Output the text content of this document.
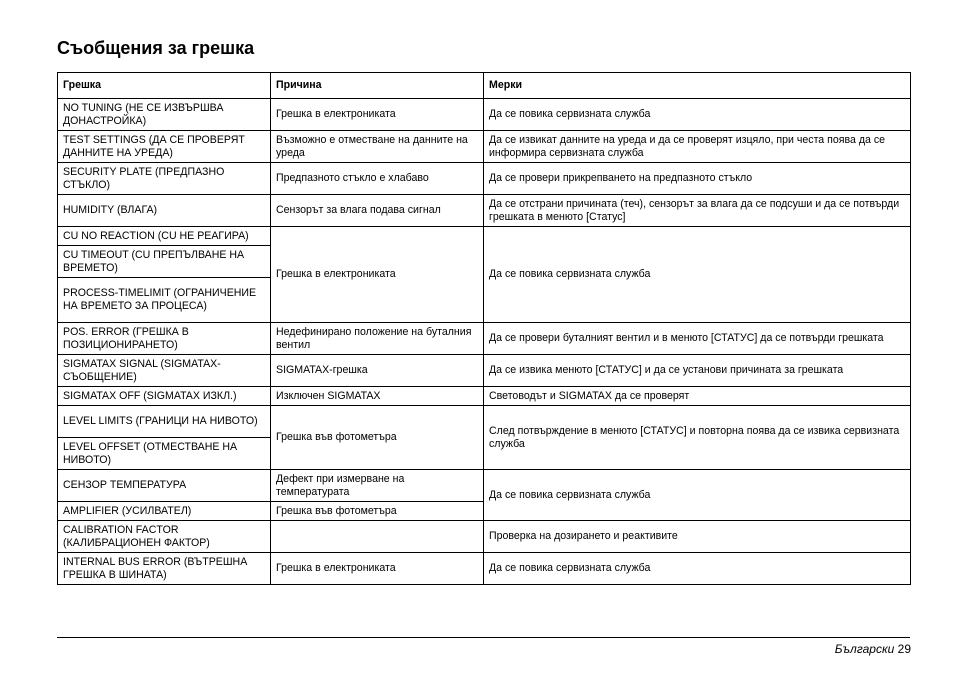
Съобщения за грешка
Грешка	Причина	Мерки
NO TUNING (НЕ СЕ ИЗВЪРШВА ДОНАСТРОЙКА)	Грешка в електрониката	Да се повика сервизната служба
TEST SETTINGS (ДА СЕ ПРОВЕРЯТ ДАННИТЕ НА УРЕДА)	Възможно е отместване на данните на уреда	Да се извикат данните на уреда и да се проверят изцяло, при честа поява да се информира сервизната служба
SECURITY PLATE (ПРЕДПАЗНО СТЪКЛО)	Предпазното стъкло е хлабаво	Да се провери прикрепването на предпазното стъкло
HUMIDITY (ВЛАГА)	Сензорът за влага подава сигнал	Да се отстрани причината (теч), сензорът за влага да се подсуши и да се потвърди грешката в менюто [Статус]
CU NO REACTION (CU НЕ РЕАГИРА)	Грешка в електрониката	Да се повика сервизната служба
CU TIMEOUT (CU ПРЕПЪЛВАНЕ НА ВРЕМЕТО)		
PROCESS-TIMELIMIT (ОГРАНИЧЕНИЕ НА ВРЕМЕТО ЗА ПРОЦЕСА)		
POS. ERROR (ГРЕШКА В ПОЗИЦИОНИРАНЕТО)	Недефинирано положение на буталния вентил	Да се провери буталният вентил и в менюто [СТАТУС] да се потвърди грешката
SIGMATAX SIGNAL (SIGMATAX-СЪОБЩЕНИЕ)	SIGMATAX-грешка	Да се извика менюто [СТАТУС] и да се установи причината за грешката
SIGMATAX OFF (SIGMATAX ИЗКЛ.)	Изключен SIGMATAX	Световодът и SIGMATAX да се проверят
LEVEL LIMITS (ГРАНИЦИ НА НИВОТО)	Грешка във фотометъра	След потвърждение в менюто [СТАТУС] и повторна поява да се извика сервизната служба
LEVEL OFFSET (ОТМЕСТВАНЕ НА НИВОТО)		
СЕНЗОР ТЕМПЕРАТУРА	Дефект при измерване на температурата	Да се повика сервизната служба
AMPLIFIER (УСИЛВАТЕЛ)	Грешка във фотометъра	
CALIBRATION FACTOR (КАЛИБРАЦИОНЕН ФАКТОР)		Проверка на дозирането и реактивите
INTERNAL BUS ERROR (ВЪТРЕШНА ГРЕШКА В ШИНАТА)	Грешка в електрониката	Да се повика сервизната служба
Български 29
